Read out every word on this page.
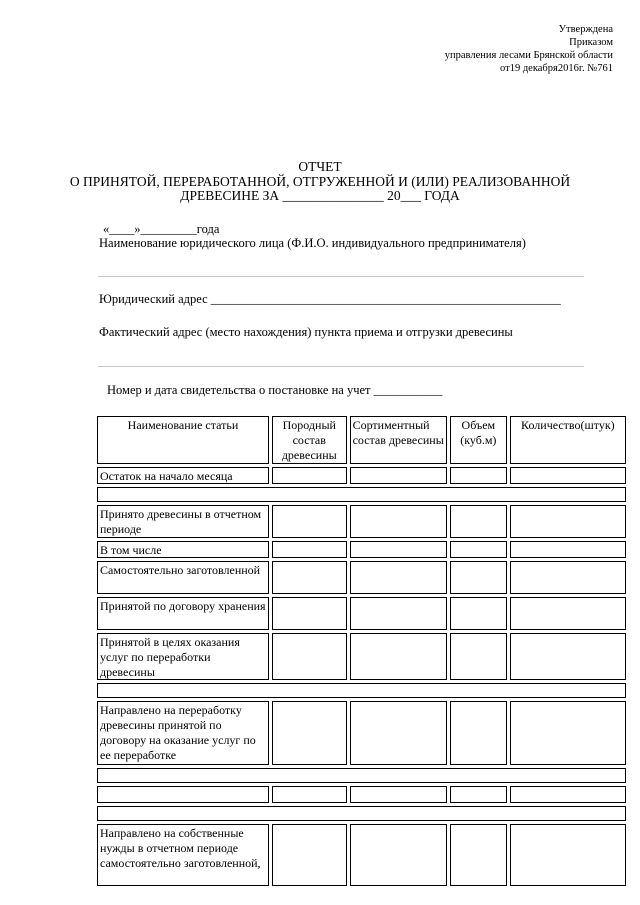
Утверждена
Приказом
управления лесами Брянской области
от19 декабря2016г. №761
ОТЧЕТ
О ПРИНЯТОЙ, ПЕРЕРАБОТАННОЙ, ОТГРУЖЕННОЙ И (ИЛИ) РЕАЛИЗОВАННОЙ
ДРЕВЕСИНЕ ЗА _______________ 20___ ГОДА
«____»_________года
Наименование юридического лица (Ф.И.О. индивидуального предпринимателя)
Юридический адрес ________________________________________________________
Фактический адрес (место нахождения) пункта приема и отгрузки древесины
Номер и дата свидетельства о постановке на учет ___________
Наименование статьи	Породный состав древесины
Сортиментный состав древесины
Объем (куб.м)
Количество(штук)
Остаток на начало месяца
Принято древесины в отчетном периоде
В том числе
Самостоятельно заготовленной
Принятой по договору хранения
Принятой в целях оказания услуг по переработки древесины
Направлено на переработку древесины принятой по договору на оказание услуг по ее переработке
Направлено на собственные нужды в отчетном периоде самостоятельно заготовленной,
